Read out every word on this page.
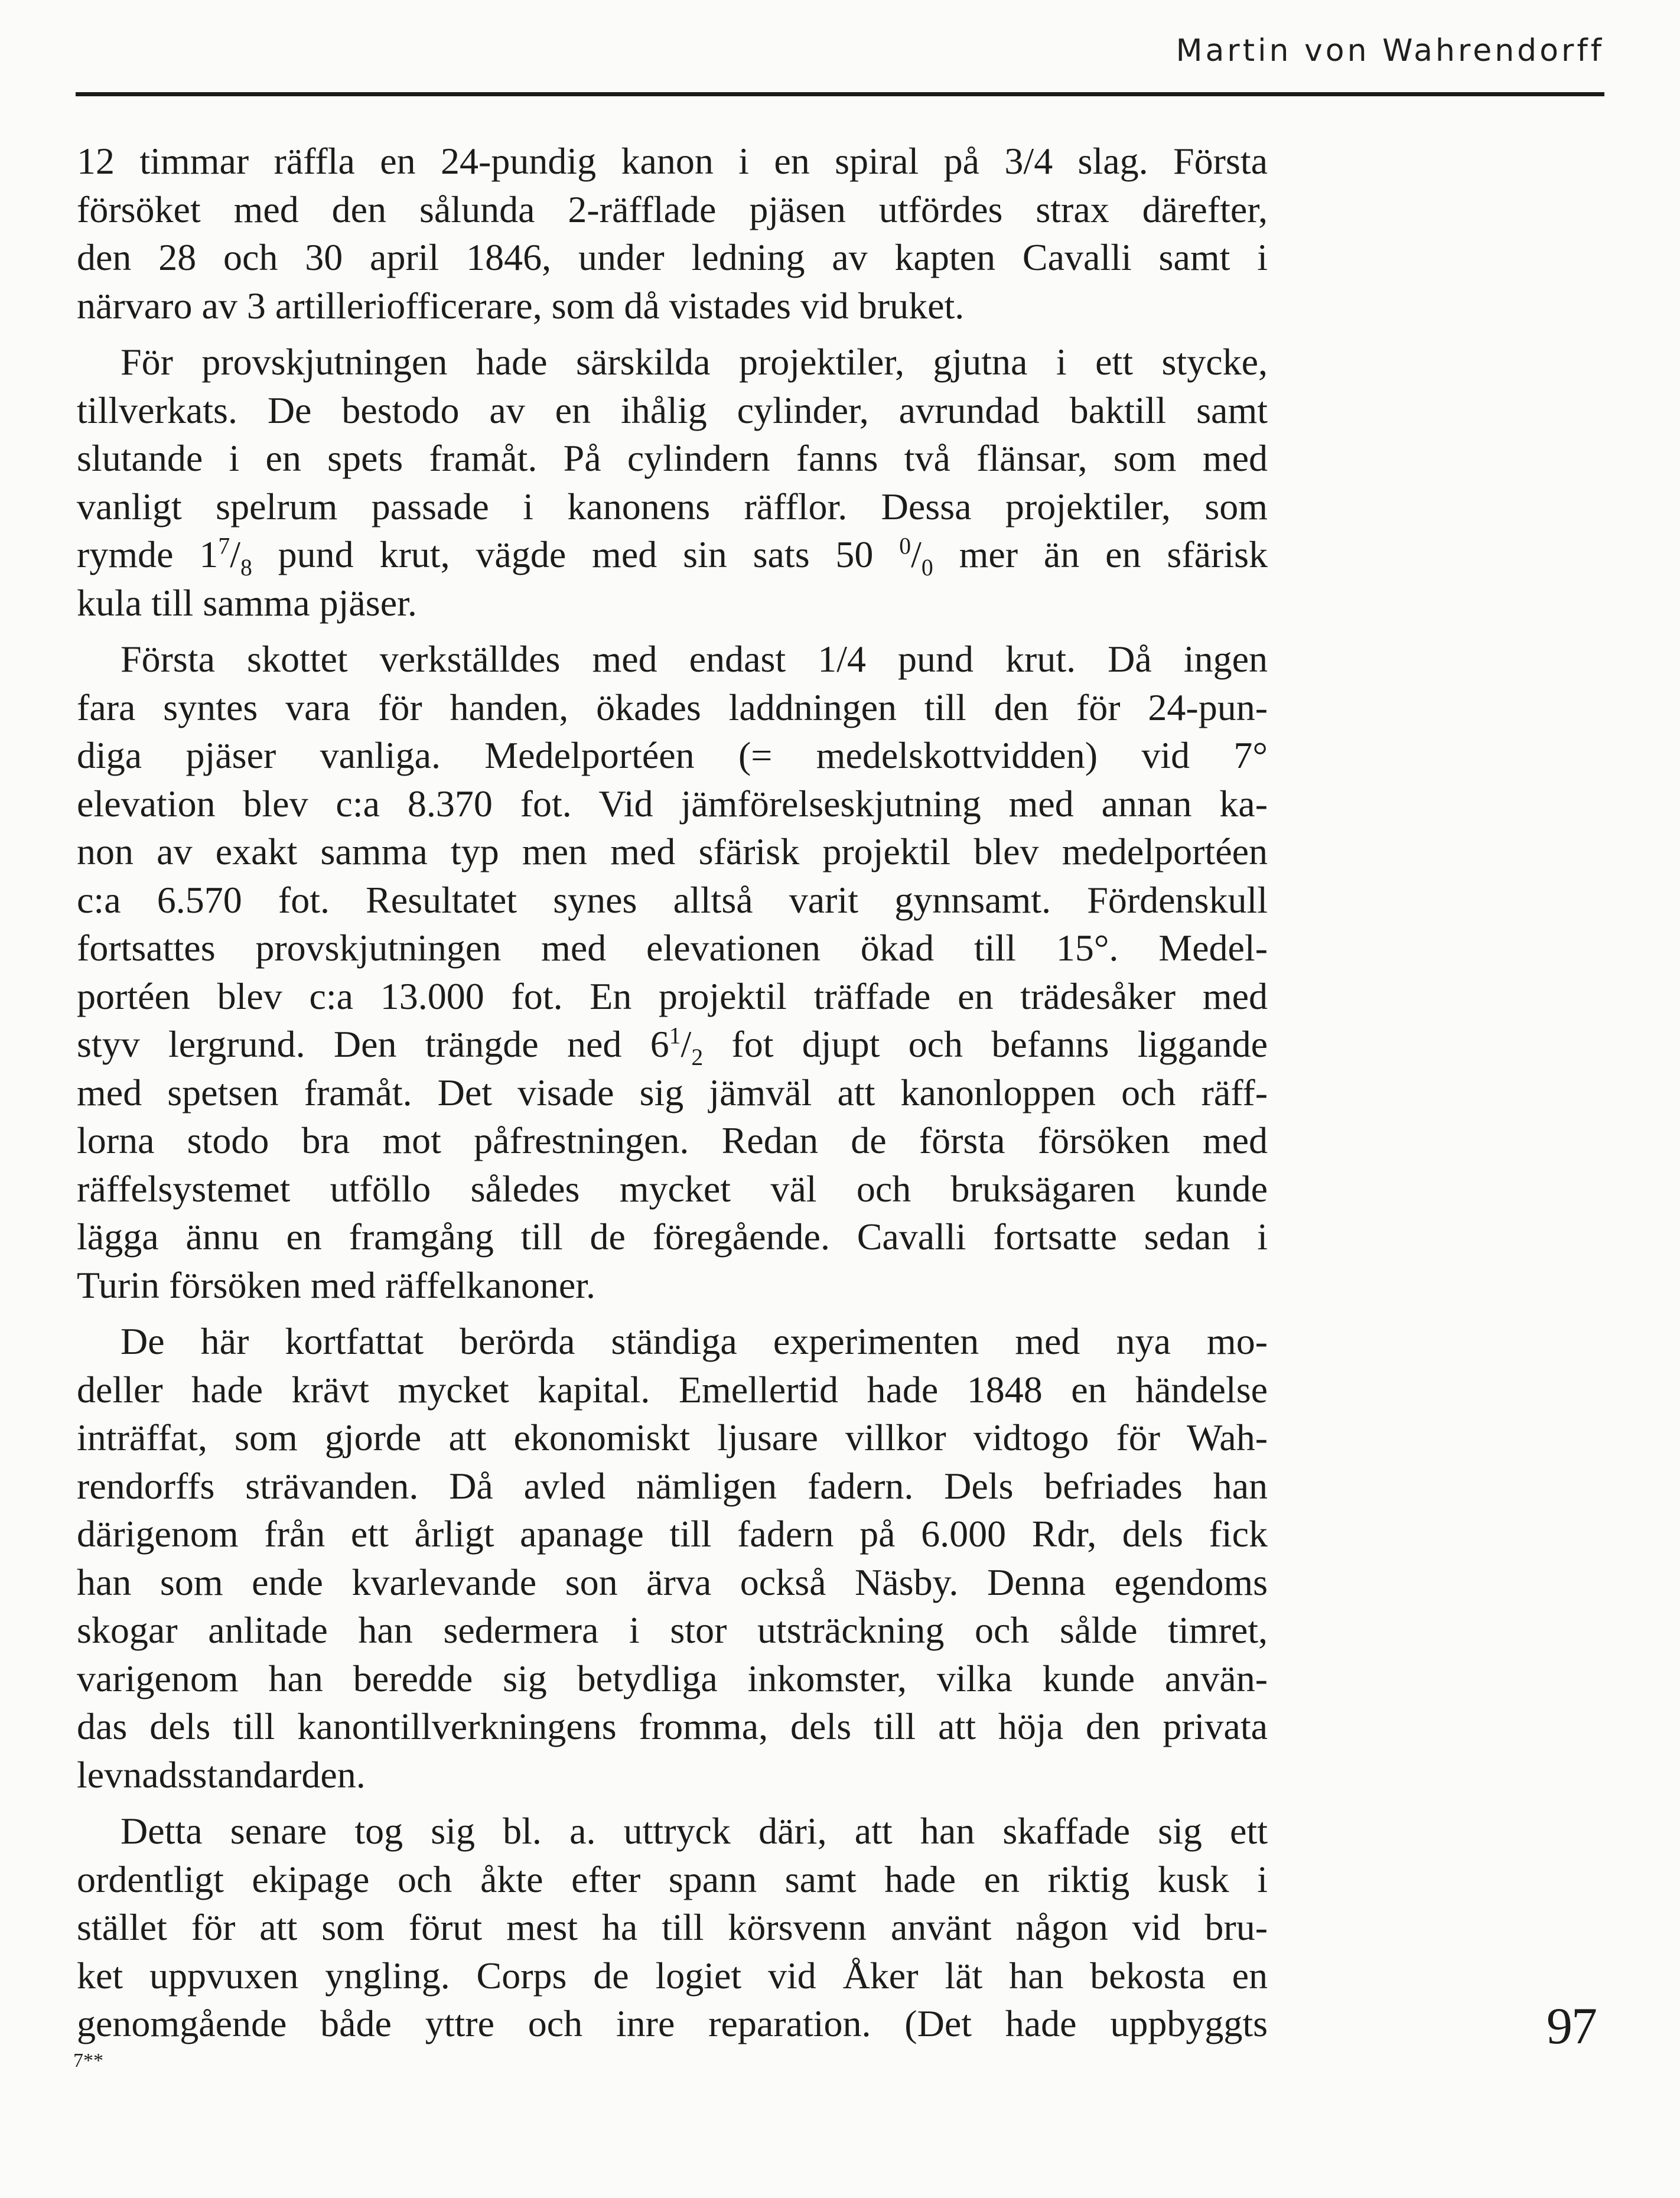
Martin von Wahrendorff
12 timmar räffla en 24-pundig kanon i en spiral på 3/4 slag. Första
försöket med den sålunda 2-räfflade pjäsen utfördes strax därefter,
den 28 och 30 april 1846, under ledning av kapten Cavalli samt i
närvaro av 3 artilleriofficerare, som då vistades vid bruket.
För provskjutningen hade särskilda projektiler, gjutna i ett stycke,
tillverkats. De bestodo av en ihålig cylinder, avrundad baktill samt
slutande i en spets framåt. På cylindern fanns två flänsar, som med
vanligt spelrum passade i kanonens räfflor. Dessa projektiler, som
rymde $1^7/_8$ pund krut, vägde med sin sats 50 $^0/_0$ mer än en sfärisk
kula till samma pjäser.
Första skottet verkställdes med endast 1/4 pund krut. Då ingen
fara syntes vara för handen, ökades laddningen till den för 24-pun-
diga pjäser vanliga. Medelportéen (= medelskottvidden) vid 7°
elevation blev c:a 8.370 fot. Vid jämförelseskjutning med annan ka-
non av exakt samma typ men med sfärisk projektil blev medelportéen
c:a 6.570 fot. Resultatet synes alltså varit gynnsamt. Fördenskull
fortsattes provskjutningen med elevationen ökad till 15°. Medel-
portéen blev c:a 13.000 fot. En projektil träffade en trädesåker med
styv lergrund. Den trängde ned $6^1/_2$ fot djupt och befanns liggande
med spetsen framåt. Det visade sig jämväl att kanonloppen och räff-
lorna stodo bra mot påfrestningen. Redan de första försöken med
räffelsystemet utföllo således mycket väl och bruksägaren kunde
lägga ännu en framgång till de föregående. Cavalli fortsatte sedan i
Turin försöken med räffelkanoner.
De här kortfattat berörda ständiga experimenten med nya mo-
deller hade krävt mycket kapital. Emellertid hade 1848 en händelse
inträffat, som gjorde att ekonomiskt ljusare villkor vidtogo för Wah-
rendorffs strävanden. Då avled nämligen fadern. Dels befriades han
därigenom från ett årligt apanage till fadern på 6.000 Rdr, dels fick
han som ende kvarlevande son ärva också Näsby. Denna egendoms
skogar anlitade han sedermera i stor utsträckning och sålde timret,
varigenom han beredde sig betydliga inkomster, vilka kunde använ-
das dels till kanontillverkningens fromma, dels till att höja den privata
levnadsstandarden.
Detta senare tog sig bl. a. uttryck däri, att han skaffade sig ett
ordentligt ekipage och åkte efter spann samt hade en riktig kusk i
stället för att som förut mest ha till körsvenn använt någon vid bru-
ket uppvuxen yngling. Corps de logiet vid Åker lät han bekosta en
genomgående både yttre och inre reparation. (Det hade uppbyggts	97
7**
